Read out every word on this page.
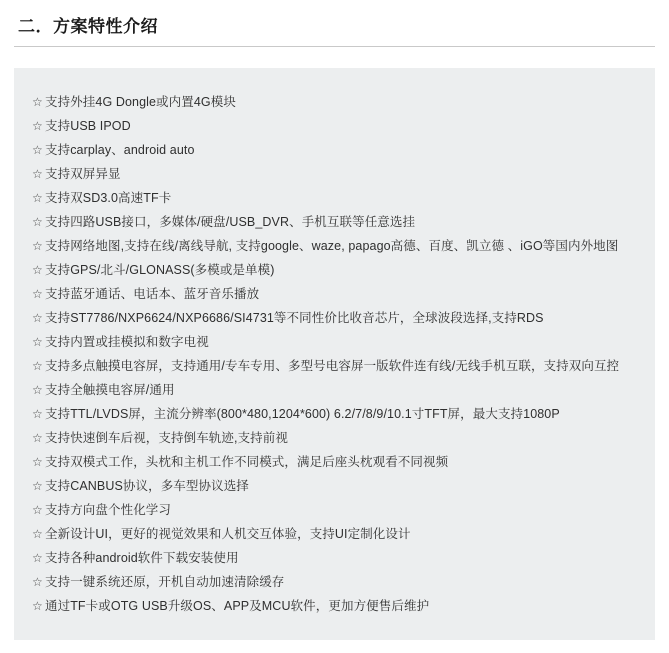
二．方案特性介绍
☆ 支持外挂4G Dongle或内置4G模块
☆ 支持USB IPOD
☆ 支持carplay、android auto
☆ 支持双屏异显
☆ 支持双SD3.0高速TF卡
☆ 支持四路USB接口，多媒体/硬盘/USB_DVR、手机互联等任意选挂
☆ 支持网络地图,支持在线/离线导航, 支持google、waze, papago高德、百度、凯立德 、iGO等国内外地图
☆ 支持GPS/北斗/GLONASS(多模或是单模)
☆ 支持蓝牙通话、电话本、蓝牙音乐播放
☆ 支持ST7786/NXP6624/NXP6686/SI4731等不同性价比收音芯片，全球波段选择,支持RDS
☆ 支持内置或挂模拟和数字电视
☆ 支持多点触摸电容屏，支持通用/专车专用、多型号电容屏一版软件连有线/无线手机互联，支持双向互控
☆ 支持全触摸电容屏/通用
☆ 支持TTL/LVDS屏，主流分辨率(800*480,1204*600) 6.2/7/8/9/10.1寸TFT屏，最大支持1080P
☆ 支持快速倒车后视，支持倒车轨迹,支持前视
☆ 支持双模式工作，头枕和主机工作不同模式，满足后座头枕观看不同视频
☆ 支持CANBUS协议，多车型协议选择
☆ 支持方向盘个性化学习
☆ 全新设计UI，更好的视觉效果和人机交互体验，支持UI定制化设计
☆ 支持各种android软件下载安装使用
☆ 支持一键系统还原，开机自动加速清除缓存
☆ 通过TF卡或OTG USB升级OS、APP及MCU软件，更加方便售后维护
